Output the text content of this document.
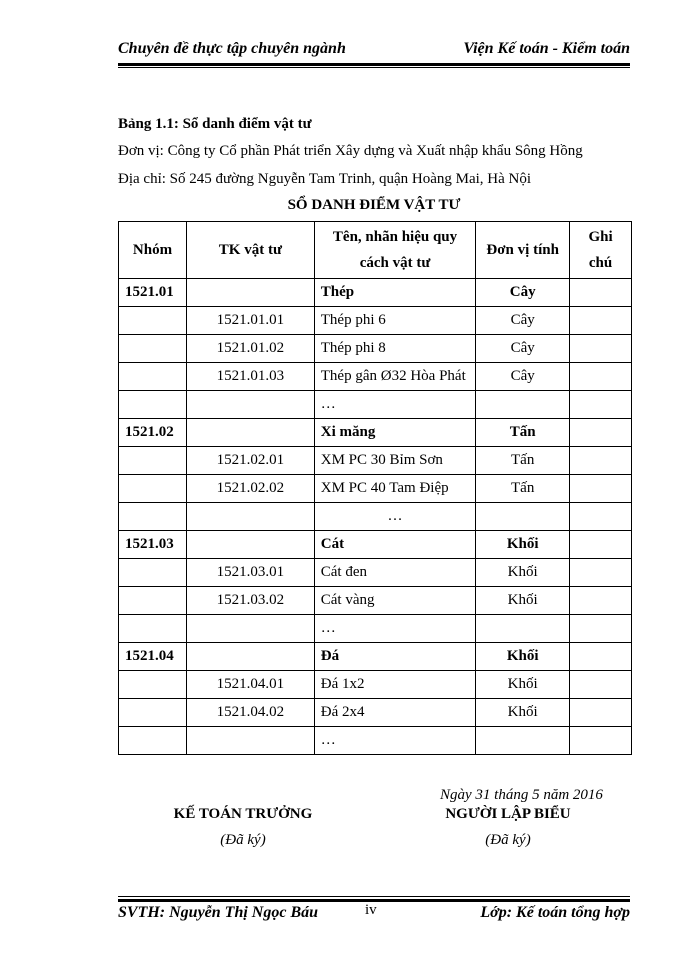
Chuyên đề thực tập chuyên ngành	Viện Kế toán - Kiểm toán
Bảng 1.1: Sổ danh điểm vật tư
Đơn vị: Công ty Cổ phần Phát triển Xây dựng và Xuất nhập khẩu Sông Hồng
Địa chỉ: Số 245 đường Nguyễn Tam Trinh, quận Hoàng Mai, Hà Nội
SỔ DANH ĐIỂM VẬT TƯ
Nhóm	TK vật tư	Tên, nhãn hiệu quy cách vật tư	Đơn vị tính	Ghi chú
1521.01		Thép	Cây	
	1521.01.01	Thép phi 6	Cây	
	1521.01.02	Thép phi 8	Cây	
	1521.01.03	Thép gân Ø32 Hòa Phát	Cây	
		…		
1521.02		Xi măng	Tấn	
	1521.02.01	XM PC 30 Bỉm Sơn	Tấn	
	1521.02.02	XM PC 40 Tam Điệp	Tấn	
		…		
1521.03		Cát	Khối	
	1521.03.01	Cát đen	Khối	
	1521.03.02	Cát vàng	Khối	
		…		
1521.04		Đá	Khối	
	1521.04.01	Đá 1x2	Khối	
	1521.04.02	Đá 2x4	Khối	
		…		
Ngày 31 tháng 5 năm 2016
KẾ TOÁN TRƯỞNG
(Đã ký)
NGƯỜI LẬP BIỂU
(Đã ký)
SVTH: Nguyễn Thị Ngọc Báu	iv	Lớp: Kế toán tổng hợp
